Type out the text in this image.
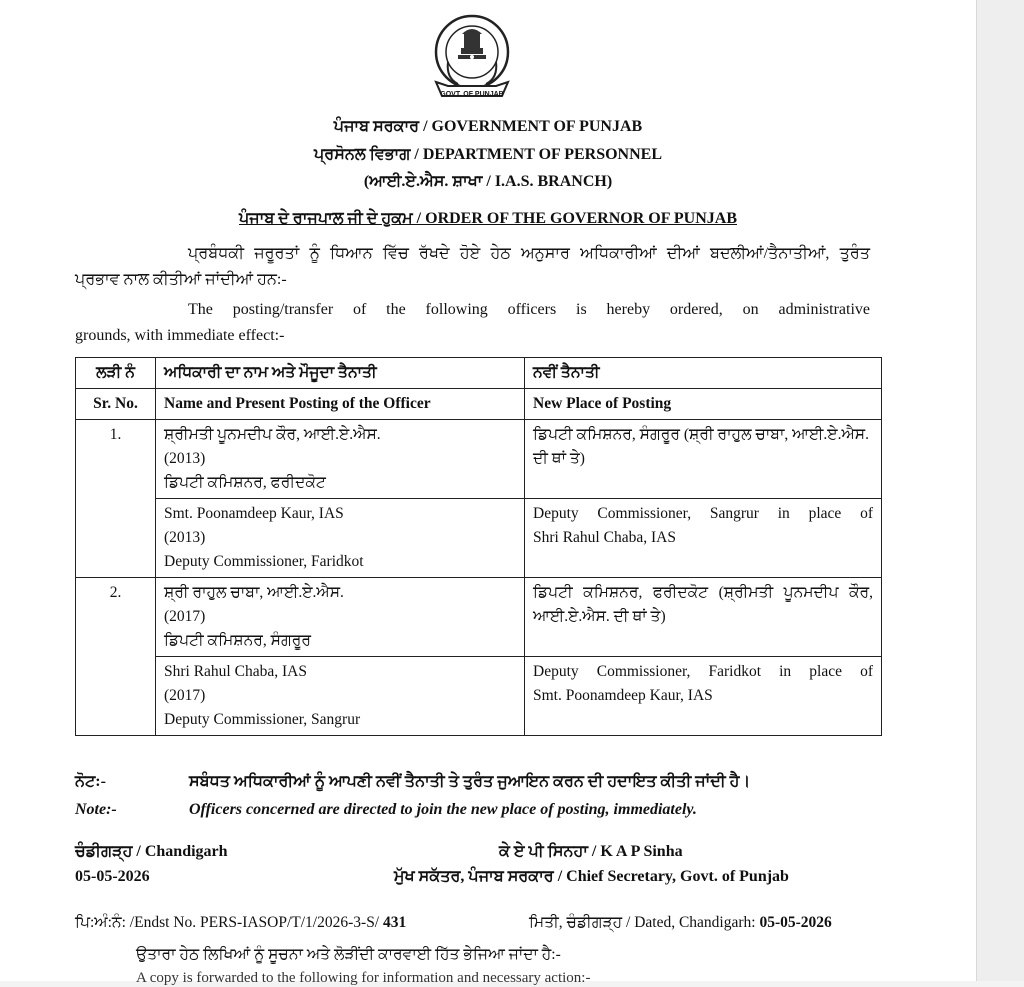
GOVT. OF PUNJAB
ਪੰਜਾਬ ਸਰਕਾਰ / GOVERNMENT OF PUNJAB
ਪ੍ਰਸੋਨਲ ਵਿਭਾਗ / DEPARTMENT OF PERSONNEL
(ਆਈ.ਏ.ਐਸ. ਸ਼ਾਖਾ / I.A.S. BRANCH)
ਪੰਜਾਬ ਦੇ ਰਾਜਪਾਲ ਜੀ ਦੇ ਹੁਕਮ / ORDER OF THE GOVERNOR OF PUNJAB
ਪ੍ਰਬੰਧਕੀ ਜਰੂਰਤਾਂ ਨੂੰ ਧਿਆਨ ਵਿੱਚ ਰੱਖਦੇ ਹੋਏ ਹੇਠ ਅਨੁਸਾਰ ਅਧਿਕਾਰੀਆਂ ਦੀਆਂ ਬਦਲੀਆਂ/ਤੈਨਾਤੀਆਂ, ਤੁਰੰਤ
ਪ੍ਰਭਾਵ ਨਾਲ ਕੀਤੀਆਂ ਜਾਂਦੀਆਂ ਹਨ:-
The posting/transfer of the following officers is hereby ordered, on administrative
grounds, with immediate effect:-
ਲੜੀ ਨੰ	ਅਧਿਕਾਰੀ ਦਾ ਨਾਮ ਅਤੇ ਮੌਜੂਦਾ ਤੈਨਾਤੀ	ਨਵੀਂ ਤੈਨਾਤੀ
Sr. No.	Name and Present Posting of the Officer	New Place of Posting
1.	ਸ਼੍ਰੀਮਤੀ ਪੂਨਮਦੀਪ ਕੌਰ, ਆਈ.ਏ.ਐਸ.
(2013)
ਡਿਪਟੀ ਕਮਿਸ਼ਨਰ, ਫਰੀਦਕੋਟ	ਡਿਪਟੀ ਕਮਿਸ਼ਨਰ, ਸੰਗਰੂਰ (ਸ਼੍ਰੀ ਰਾਹੁਲ ਚਾਬਾ, ਆਈ.ਏ.ਐਸ.
ਦੀ ਥਾਂ ਤੇ)

	Smt. Poonamdeep Kaur, IAS
(2013)
Deputy Commissioner, Faridkot	Deputy Commissioner, Sangrur in place of
Shri Rahul Chaba, IAS

2.	ਸ਼੍ਰੀ ਰਾਹੁਲ ਚਾਬਾ, ਆਈ.ਏ.ਐਸ.
(2017)
ਡਿਪਟੀ ਕਮਿਸ਼ਨਰ, ਸੰਗਰੂਰ	ਡਿਪਟੀ ਕਮਿਸ਼ਨਰ, ਫਰੀਦਕੋਟ (ਸ਼੍ਰੀਮਤੀ ਪੂਨਮਦੀਪ ਕੌਰ,
ਆਈ.ਏ.ਐਸ. ਦੀ ਥਾਂ ਤੇ)

	Shri Rahul Chaba, IAS
(2017)
Deputy Commissioner, Sangrur	Deputy Commissioner, Faridkot in place of
Smt. Poonamdeep Kaur, IAS
ਨੋਟ:-	ਸਬੰਧਤ ਅਧਿਕਾਰੀਆਂ ਨੂੰ ਆਪਣੀ ਨਵੀਂ ਤੈਨਾਤੀ ਤੇ ਤੁਰੰਤ ਜੁਆਇਨ ਕਰਨ ਦੀ ਹਦਾਇਤ ਕੀਤੀ ਜਾਂਦੀ ਹੈ।
Note:-	Officers concerned are directed to join the new place of posting, immediately.
ਚੰਡੀਗੜ੍ਹ / Chandigarh
05-05-2026
ਕੇ ਏ ਪੀ ਸਿਨਹਾ / K A P Sinha
ਮੁੱਖ ਸਕੱਤਰ, ਪੰਜਾਬ ਸਰਕਾਰ / Chief Secretary, Govt. of Punjab
ਪਿ:ਅੰ:ਨੰ: /Endst No. PERS-IASOP/T/1/2026-3-S/ 431	ਮਿਤੀ, ਚੰਡੀਗੜ੍ਹ / Dated, Chandigarh: 05-05-2026
ਉਤਾਰਾ ਹੇਠ ਲਿਖਿਆਂ ਨੂੰ ਸੂਚਨਾ ਅਤੇ ਲੋੜੀਂਦੀ ਕਾਰਵਾਈ ਹਿੱਤ ਭੇਜਿਆ ਜਾਂਦਾ ਹੈ:-
A copy is forwarded to the following for information and necessary action:-
